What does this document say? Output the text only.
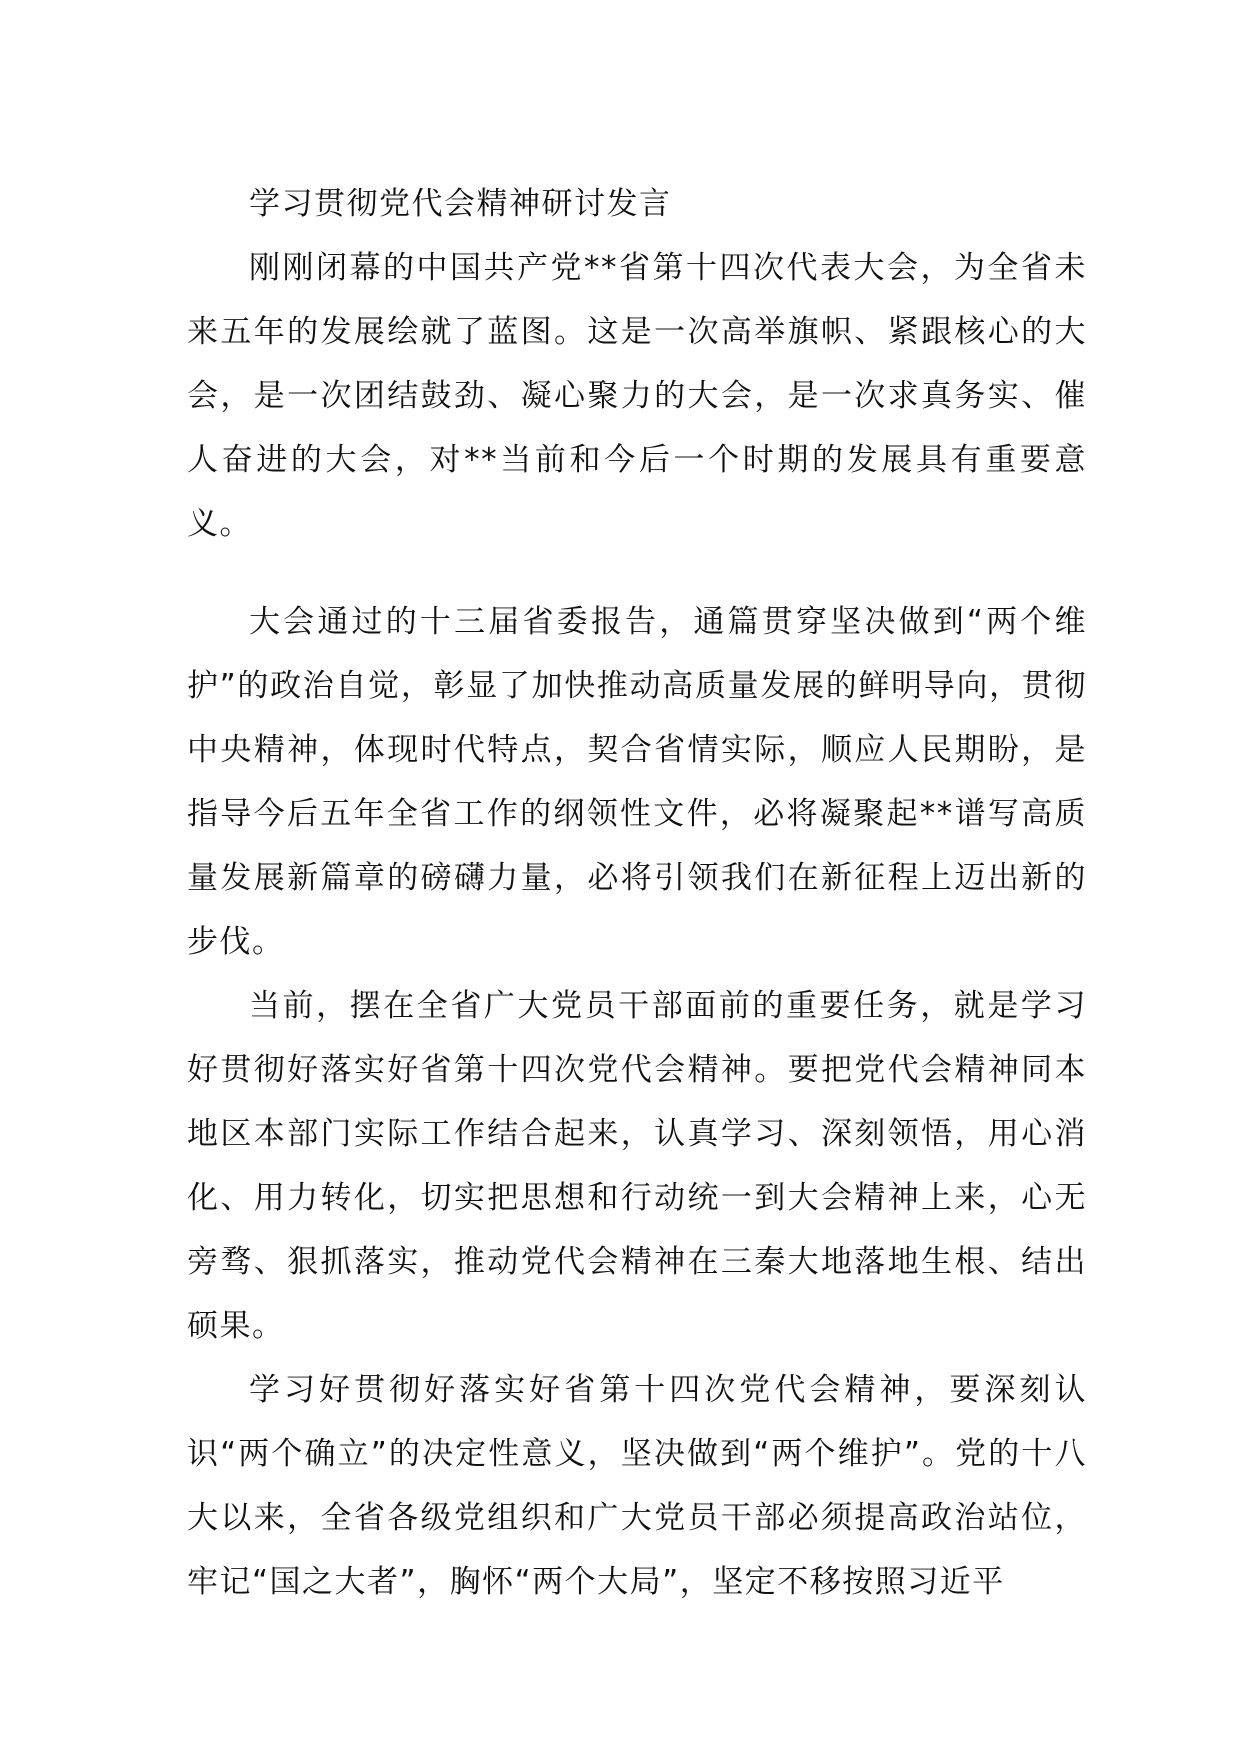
学习贯彻党代会精神研讨发言

刚刚闭幕的中国共产党**省第十四次代表大会，为全省未来五年的发展绘就了蓝图。这是一次高举旗帜、紧跟核心的大会，是一次团结鼓劲、凝心聚力的大会，是一次求真务实、催人奋进的大会，对**当前和今后一个时期的发展具有重要意义。

大会通过的十三届省委报告，通篇贯穿坚决做到“两个维护”的政治自觉，彰显了加快推动高质量发展的鲜明导向，贯彻中央精神，体现时代特点，契合省情实际，顺应人民期盼，是指导今后五年全省工作的纲领性文件，必将凝聚起**谱写高质量发展新篇章的磅礴力量，必将引领我们在新征程上迈出新的步伐。

当前，摆在全省广大党员干部面前的重要任务，就是学习好贯彻好落实好省第十四次党代会精神。要把党代会精神同本地区本部门实际工作结合起来，认真学习、深刻领悟，用心消化、用力转化，切实把思想和行动统一到大会精神上来，心无旁骛、狠抓落实，推动党代会精神在三秦大地落地生根、结出硕果。

学习好贯彻好落实好省第十四次党代会精神，要深刻认识“两个确立”的决定性意义，坚决做到“两个维护”。党的十八大以来，全省各级党组织和广大党员干部必须提高政治站位，牢记“国之大者”，胸怀“两个大局”，坚定不移按照习近平
